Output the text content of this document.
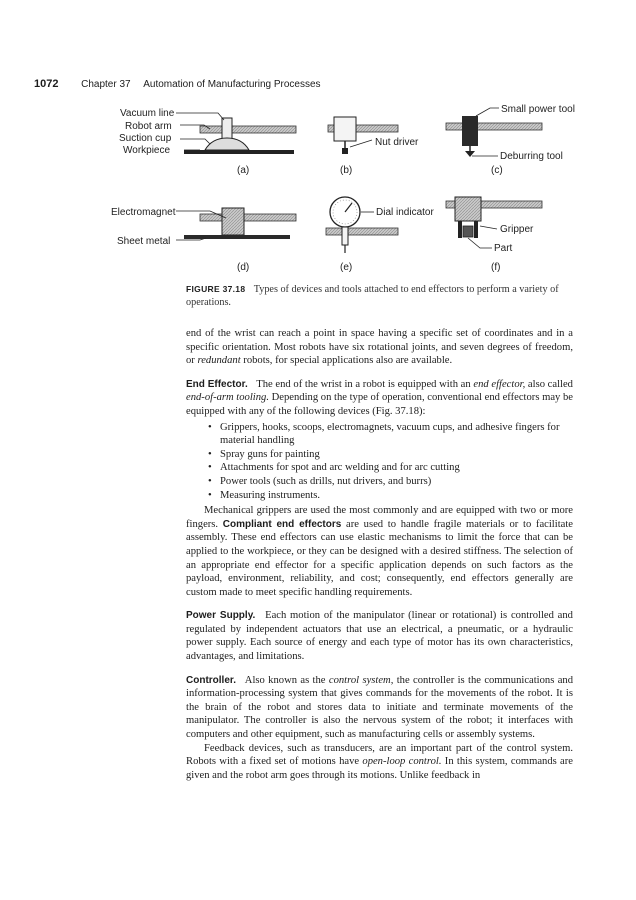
1072 Chapter 37 Automation of Manufacturing Processes
Vacuum line
Robot arm
Suction cup
Workpiece
(a)
Nut driver
(b)
Small power tool
Deburring tool
(c)
Electromagnet
Sheet metal
(d)
Dial indicator
(e)
Gripper
Part
(f)
FIGURE 37.18 Types of devices and tools attached to end effectors to perform a variety of operations.

end of the wrist can reach a point in space having a specific set of coordinates and in a specific orientation. Most robots have six rotational joints, and seven degrees of freedom, or redundant robots, for special applications also are available.

End Effector. The end of the wrist in a robot is equipped with an end effector, also called end-of-arm tooling. Depending on the type of operation, conventional end effectors may be equipped with any of the following devices (Fig. 37.18):

• Grippers, hooks, scoops, electromagnets, vacuum cups, and adhesive fingers for material handling
• Spray guns for painting
• Attachments for spot and arc welding and for arc cutting
• Power tools (such as drills, nut drivers, and burrs)
• Measuring instruments.

Mechanical grippers are used the most commonly and are equipped with two or more fingers. Compliant end effectors are used to handle fragile materials or to facilitate assembly. These end effectors can use elastic mechanisms to limit the force that can be applied to the workpiece, or they can be designed with a desired stiffness. The selection of an appropriate end effector for a specific application depends on such factors as the payload, environment, reliability, and cost; consequently, end effectors generally are custom made to meet specific handling requirements.

Power Supply. Each motion of the manipulator (linear or rotational) is controlled and regulated by independent actuators that use an electrical, a pneumatic, or a hydraulic power supply. Each source of energy and each type of motor has its own characteristics, advantages, and limitations.

Controller. Also known as the control system, the controller is the communications and information-processing system that gives commands for the movements of the robot. It is the brain of the robot and stores data to initiate and terminate movements of the manipulator. The controller is also the nervous system of the robot; it interfaces with computers and other equipment, such as manufacturing cells or assembly systems.

Feedback devices, such as transducers, are an important part of the control system. Robots with a fixed set of motions have open-loop control. In this system, commands are given and the robot arm goes through its motions. Unlike feedback in
